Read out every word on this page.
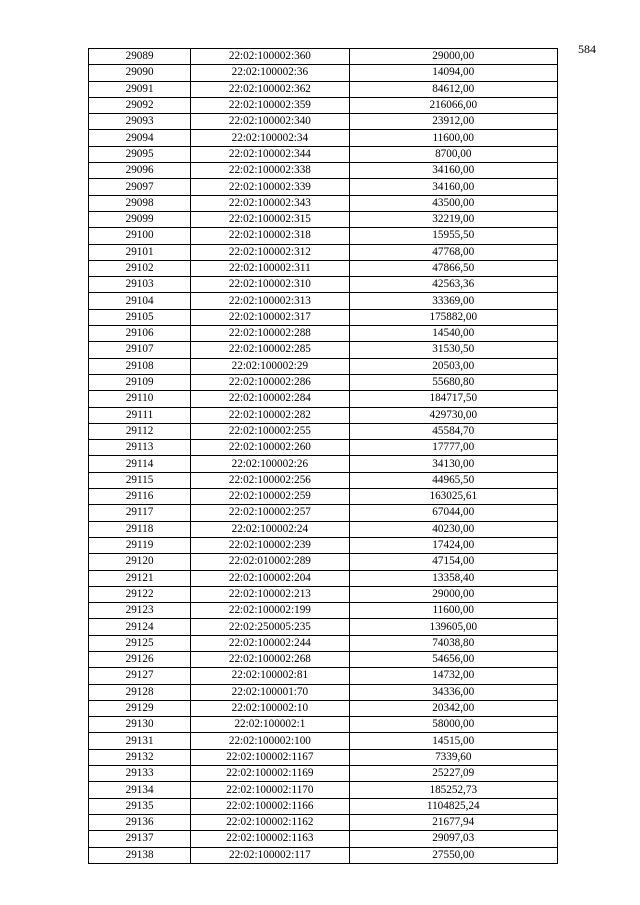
584
29089	22:02:100002:360	29000,00
29090	22:02:100002:36	14094,00
29091	22:02:100002:362	84612,00
29092	22:02:100002:359	216066,00
29093	22:02:100002:340	23912,00
29094	22:02:100002:34	11600,00
29095	22:02:100002:344	8700,00
29096	22:02:100002:338	34160,00
29097	22:02:100002:339	34160,00
29098	22:02:100002:343	43500,00
29099	22:02:100002:315	32219,00
29100	22:02:100002:318	15955,50
29101	22:02:100002:312	47768,00
29102	22:02:100002:311	47866,50
29103	22:02:100002:310	42563,36
29104	22:02:100002:313	33369,00
29105	22:02:100002:317	175882,00
29106	22:02:100002:288	14540,00
29107	22:02:100002:285	31530,50
29108	22:02:100002:29	20503,00
29109	22:02:100002:286	55680,80
29110	22:02:100002:284	184717,50
29111	22:02:100002:282	429730,00
29112	22:02:100002:255	45584,70
29113	22:02:100002:260	17777,00
29114	22:02:100002:26	34130,00
29115	22:02:100002:256	44965,50
29116	22:02:100002:259	163025,61
29117	22:02:100002:257	67044,00
29118	22:02:100002:24	40230,00
29119	22:02:100002:239	17424,00
29120	22:02:010002:289	47154,00
29121	22:02:100002:204	13358,40
29122	22:02:100002:213	29000,00
29123	22:02:100002:199	11600,00
29124	22:02:250005:235	139605,00
29125	22:02:100002:244	74038,80
29126	22:02:100002:268	54656,00
29127	22:02:100002:81	14732,00
29128	22:02:100001:70	34336,00
29129	22:02:100002:10	20342,00
29130	22:02:100002:1	58000,00
29131	22:02:100002:100	14515,00
29132	22:02:100002:1167	7339,60
29133	22:02:100002:1169	25227,09
29134	22:02:100002:1170	185252,73
29135	22:02:100002:1166	1104825,24
29136	22:02:100002:1162	21677,94
29137	22:02:100002:1163	29097,03
29138	22:02:100002:117	27550,00
